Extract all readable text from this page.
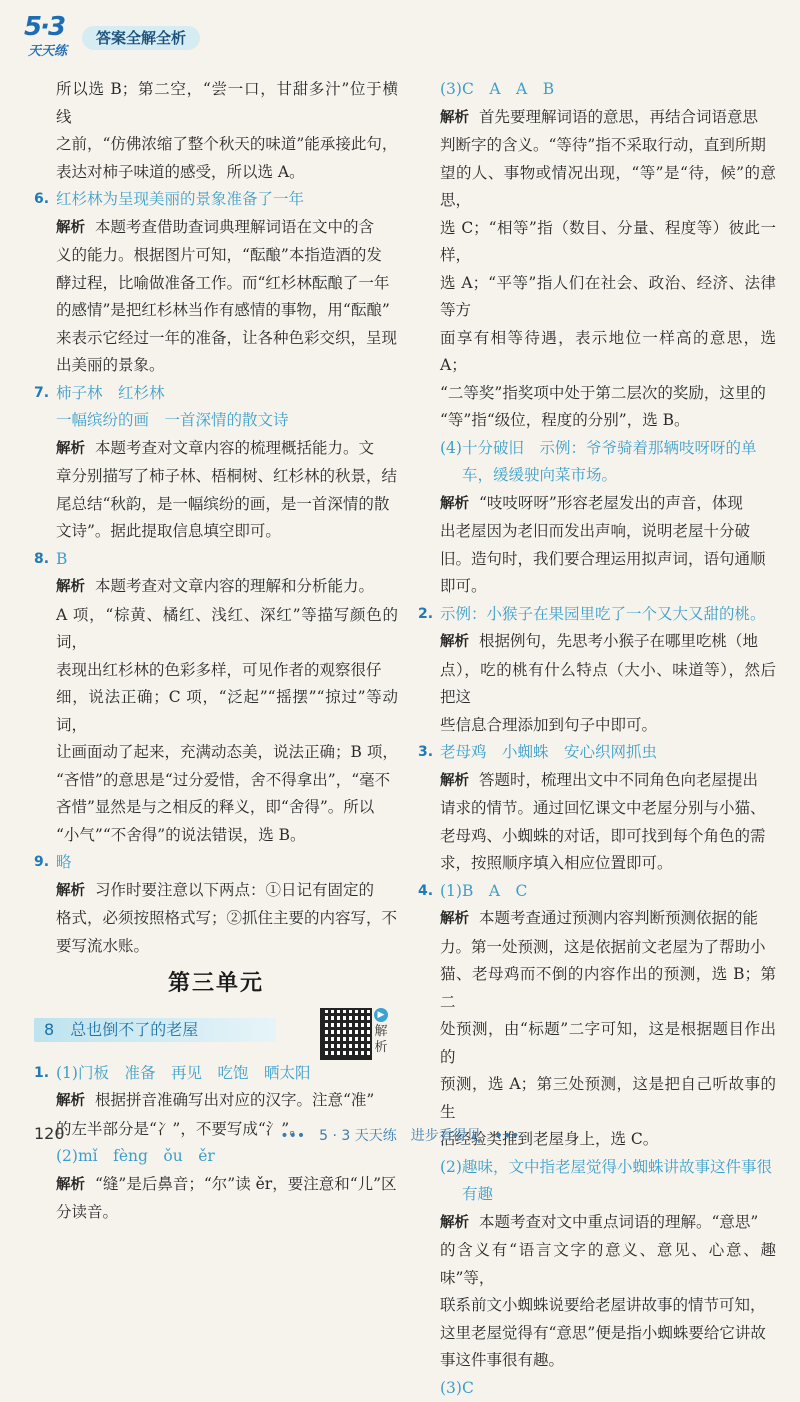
5·3
天天练
答案全解全析

所以选 B；第二空，“尝一口，甘甜多汁”位于横线

之前，“仿佛浓缩了整个秋天的味道”能承接此句，

表达对柿子味道的感受，所以选 A。

6. 红杉林为呈现美丽的景象准备了一年

解析 本题考查借助查词典理解词语在文中的含

义的能力。根据图片可知，“酝酿”本指造酒的发

酵过程，比喻做准备工作。而“红杉林酝酿了一年

的感情”是把红杉林当作有感情的事物，用“酝酿”

来表示它经过一年的准备，让各种色彩交织，呈现

出美丽的景象。

7. 柿子林　红杉林

一幅缤纷的画　一首深情的散文诗

解析 本题考查对文章内容的梳理概括能力。文

章分别描写了柿子林、梧桐树、红杉林的秋景，结

尾总结“秋韵，是一幅缤纷的画，是一首深情的散

文诗”。据此提取信息填空即可。

8. B

解析 本题考查对文章内容的理解和分析能力。

A 项，“棕黄、橘红、浅红、深红”等描写颜色的词，

表现出红杉林的色彩多样，可见作者的观察很仔

细，说法正确；C 项，“泛起”“摇摆”“掠过”等动词，

让画面动了起来，充满动态美，说法正确；B 项，

“吝惜”的意思是“过分爱惜，舍不得拿出”，“毫不

吝惜”显然是与之相反的释义，即“舍得”。所以

“小气”“不舍得”的说法错误，选 B。

9. 略

解析 习作时要注意以下两点：①日记有固定的

格式，必须按照格式写；②抓住主要的内容写，不

要写流水账。

第三单元
8　 总也倒不了的老屋
▶
解
析
1. (1)门板　准备　再见　吃饱　晒太阳

解析 根据拼音准确写出对应的汉字。注意“准”

的左半部分是“冫”，不要写成“氵”。

(2)mǐ　fèng　ǒu　ěr

解析 “缝”是后鼻音；“尔”读 ěr，要注意和“儿”区

分读音。

(3)C　A　A　B

解析 首先要理解词语的意思，再结合词语意思

判断字的含义。“等待”指不采取行动，直到所期

望的人、事物或情况出现，“等”是“待，候”的意思，

选 C；“相等”指（数目、分量、程度等）彼此一样，

选 A；“平等”指人们在社会、政治、经济、法律等方

面享有相等待遇，表示地位一样高的意思，选 A；

“二等奖”指奖项中处于第二层次的奖励，这里的

“等”指“级位，程度的分别”，选 B。

(4)十分破旧　示例：爷爷骑着那辆吱呀呀的单

车，缓缓驶向菜市场。

解析 “吱吱呀呀”形容老屋发出的声音，体现

出老屋因为老旧而发出声响，说明老屋十分破

旧。造句时，我们要合理运用拟声词，语句通顺

即可。

2. 示例：小猴子在果园里吃了一个又大又甜的桃。

解析 根据例句，先思考小猴子在哪里吃桃（地

点），吃的桃有什么特点（大小、味道等），然后把这

些信息合理添加到句子中即可。

3. 老母鸡　小蜘蛛　安心织网抓虫

解析 答题时，梳理出文中不同角色向老屋提出

请求的情节。通过回忆课文中老屋分别与小猫、

老母鸡、小蜘蛛的对话，即可找到每个角色的需

求，按照顺序填入相应位置即可。

4. (1)B　A　C

解析 本题考查通过预测内容判断预测依据的能

力。第一处预测，这是依据前文老屋为了帮助小

猫、老母鸡而不倒的内容作出的预测，选 B；第二

处预测，由“标题”二字可知，这是根据题目作出的

预测，选 A；第三处预测，这是把自己听故事的生

活经验类推到老屋身上，选 C。

(2)趣味，文中指老屋觉得小蜘蛛讲故事这件事很

有趣

解析 本题考查对文中重点词语的理解。“意思”

的含义有“语言文字的意义、意见、心意、趣味”等，

联系前文小蜘蛛说要给老屋讲故事的情节可知，

这里老屋觉得有“意思”便是指小蜘蛛要给它讲故

事这件事很有趣。

(3)C

120	•••　5 · 3 天天练　进步看得见　•••
